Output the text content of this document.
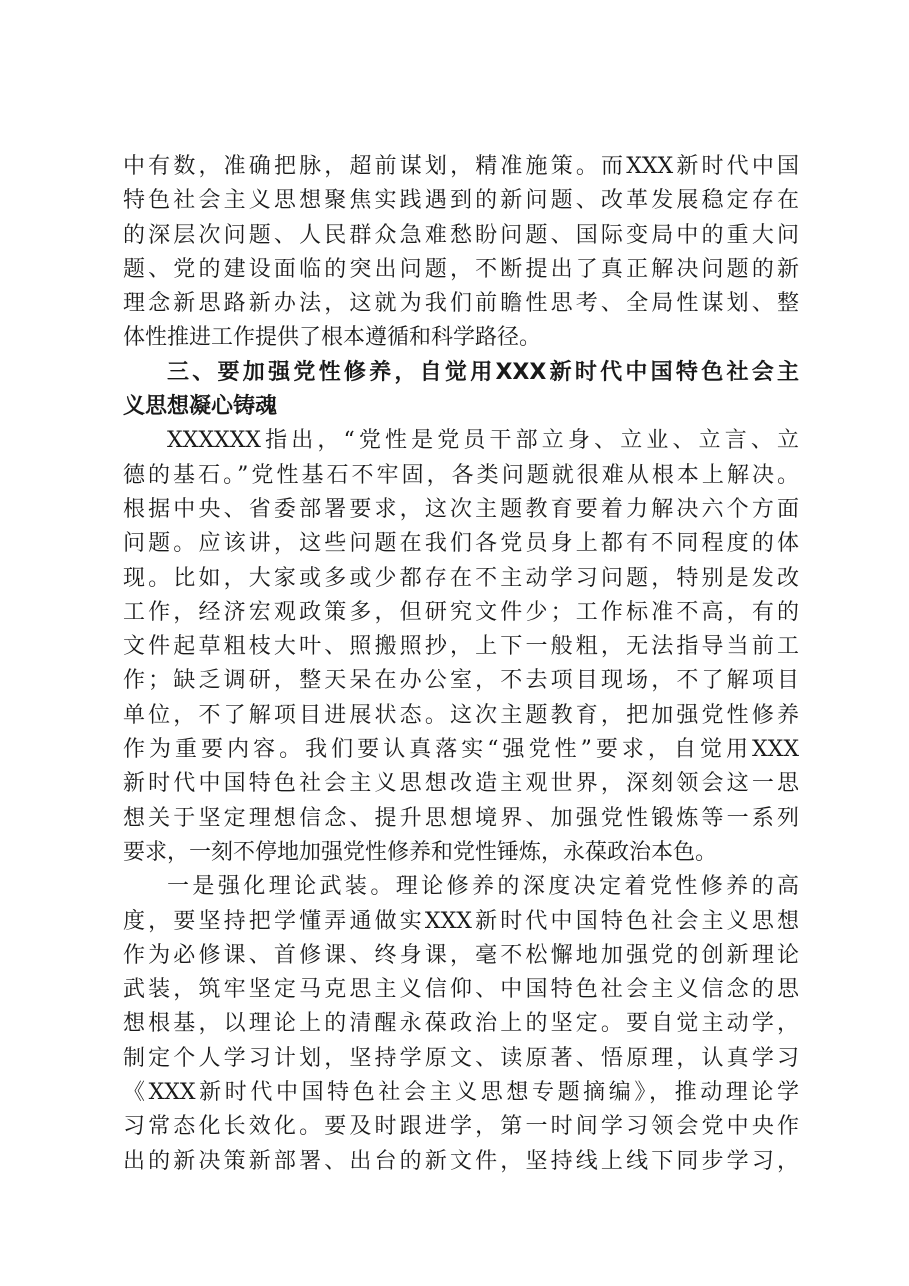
中有数，准确把脉，超前谋划，精准施策。而XXX新时代中国
特色社会主义思想聚焦实践遇到的新问题、改革发展稳定存在
的深层次问题、人民群众急难愁盼问题、国际变局中的重大问
题、党的建设面临的突出问题，不断提出了真正解决问题的新
理念新思路新办法，这就为我们前瞻性思考、全局性谋划、整
体性推进工作提供了根本遵循和科学路径。
三、要加强党性修养，自觉用XXX新时代中国特色社会主
义思想凝心铸魂
XXXXXX指出，“党性是党员干部立身、立业、立言、立
德的基石。”党性基石不牢固，各类问题就很难从根本上解决。
根据中央、省委部署要求，这次主题教育要着力解决六个方面
问题。应该讲，这些问题在我们各党员身上都有不同程度的体
现。比如，大家或多或少都存在不主动学习问题，特别是发改
工作，经济宏观政策多，但研究文件少；工作标准不高，有的
文件起草粗枝大叶、照搬照抄，上下一般粗，无法指导当前工
作；缺乏调研，整天呆在办公室，不去项目现场，不了解项目
单位，不了解项目进展状态。这次主题教育，把加强党性修养
作为重要内容。我们要认真落实“强党性”要求，自觉用XXX
新时代中国特色社会主义思想改造主观世界，深刻领会这一思
想关于坚定理想信念、提升思想境界、加强党性锻炼等一系列
要求，一刻不停地加强党性修养和党性锤炼，永葆政治本色。
一是强化理论武装。理论修养的深度决定着党性修养的高
度，要坚持把学懂弄通做实XXX新时代中国特色社会主义思想
作为必修课、首修课、终身课，毫不松懈地加强党的创新理论
武装，筑牢坚定马克思主义信仰、中国特色社会主义信念的思
想根基，以理论上的清醒永葆政治上的坚定。要自觉主动学，
制定个人学习计划，坚持学原文、读原著、悟原理，认真学习
《XXX新时代中国特色社会主义思想专题摘编》，推动理论学
习常态化长效化。要及时跟进学，第一时间学习领会党中央作
出的新决策新部署、出台的新文件，坚持线上线下同步学习，
